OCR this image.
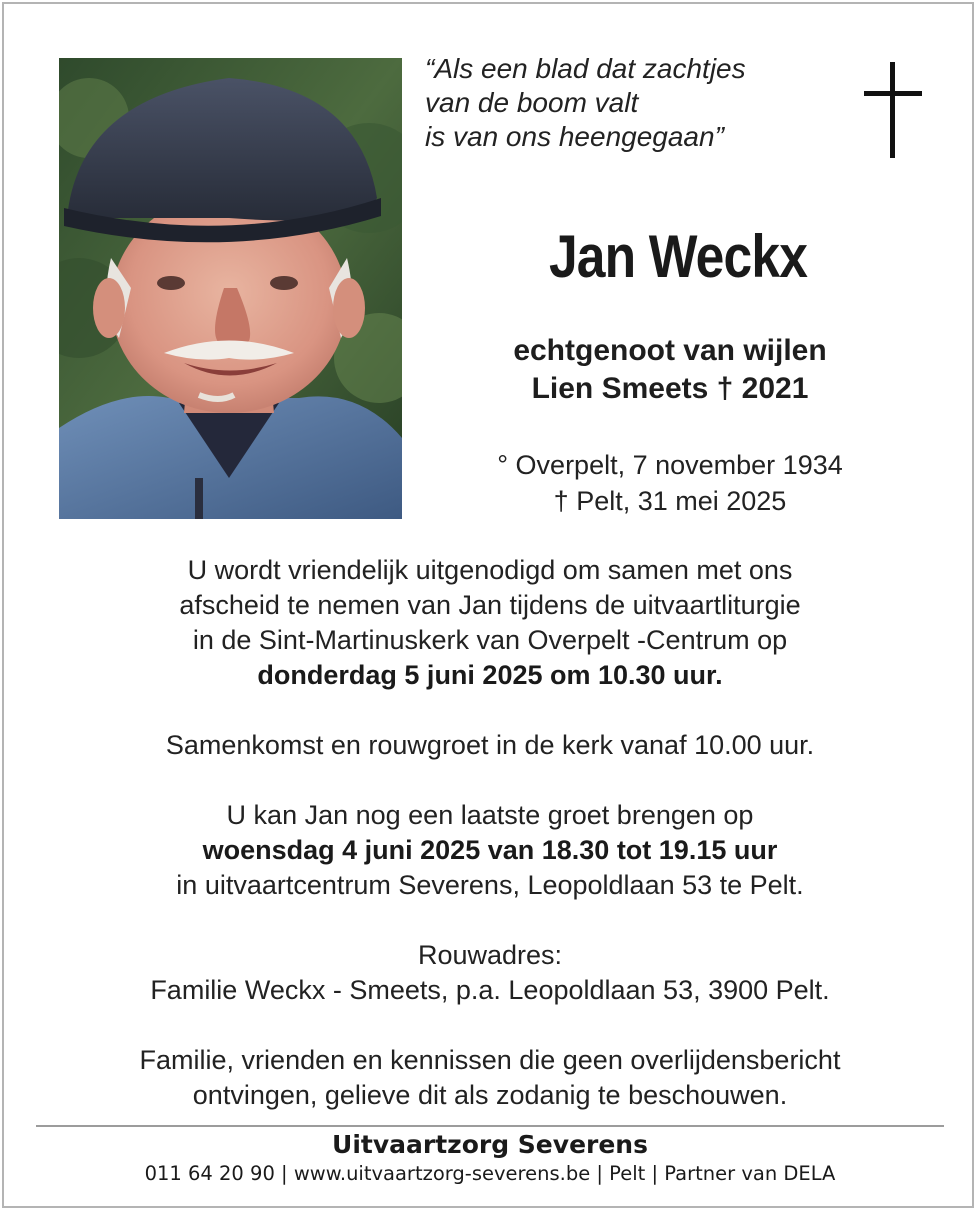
“Als een blad dat zachtjes
van de boom valt
is van ons heengegaan”
Jan Weckx
echtgenoot van wijlen
Lien Smeets † 2021
° Overpelt, 7 november 1934
† Pelt, 31 mei 2025

U wordt vriendelijk uitgenodigd om samen met ons

afscheid te nemen van Jan tijdens de uitvaartliturgie

in de Sint-Martinuskerk van Overpelt -Centrum op

donderdag 5 juni 2025 om 10.30 uur.

Samenkomst en rouwgroet in de kerk vanaf 10.00 uur.

U kan Jan nog een laatste groet brengen op

woensdag 4 juni 2025 van 18.30 tot 19.15 uur

in uitvaartcentrum Severens, Leopoldlaan 53 te Pelt.

Rouwadres:

Familie Weckx - Smeets, p.a. Leopoldlaan 53, 3900 Pelt.

Familie, vrienden en kennissen die geen overlijdensbericht

ontvingen, gelieve dit als zodanig te beschouwen.

Uitvaartzorg Severens
011 64 20 90 | www.uitvaartzorg-severens.be | Pelt | Partner van DELA
